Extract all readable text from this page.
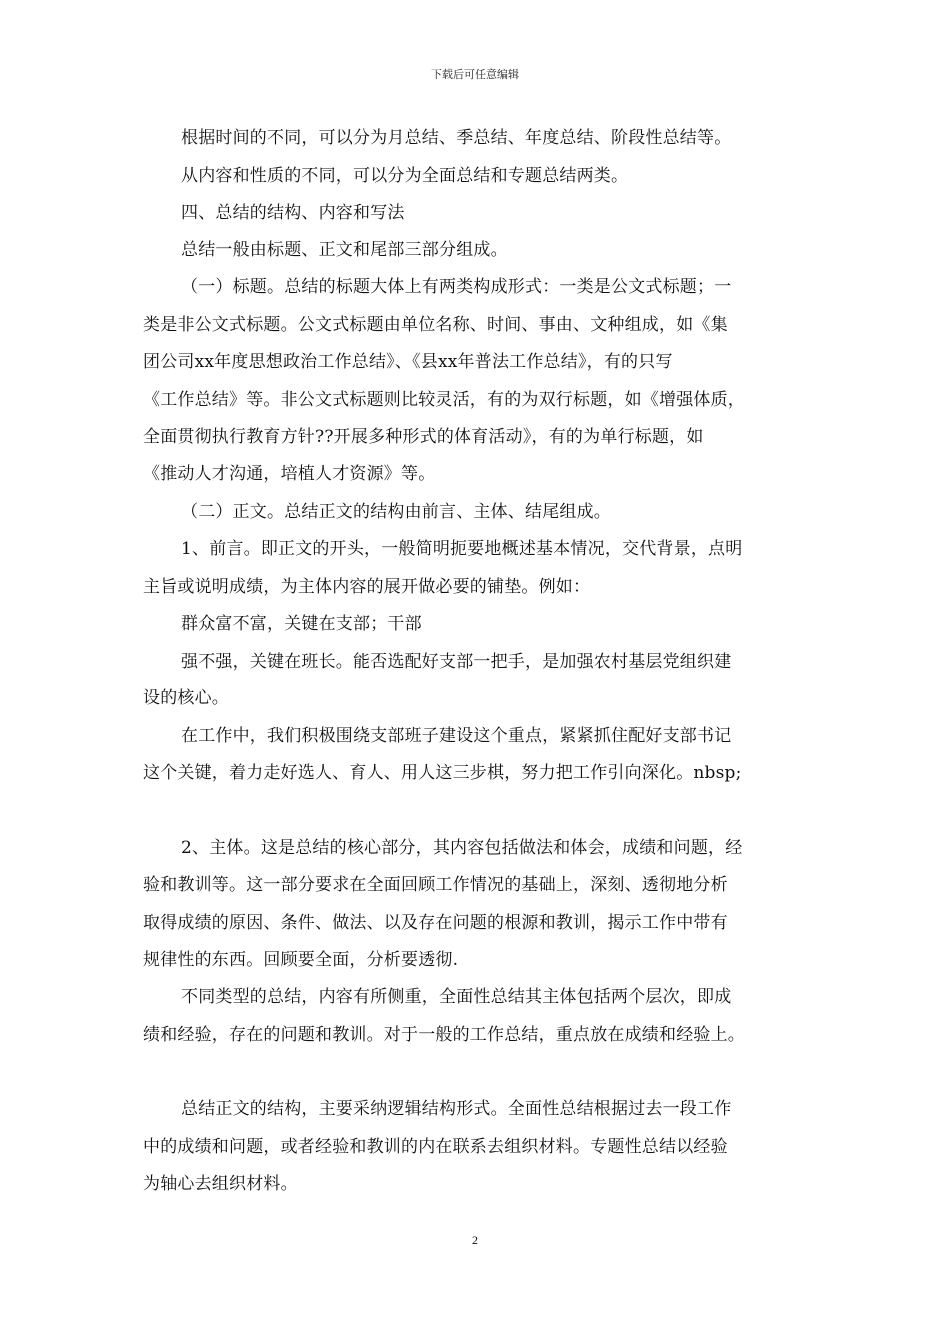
下载后可任意编辑
根据时间的不同，可以分为月总结、季总结、年度总结、阶段性总结等。
从内容和性质的不同，可以分为全面总结和专题总结两类。
四、总结的结构、内容和写法
总结一般由标题、正文和尾部三部分组成。
（一）标题。总结的标题大体上有两类构成形式：一类是公文式标题；一
类是非公文式标题。公文式标题由单位名称、时间、事由、文种组成，如《集
团公司xx年度思想政治工作总结》、《县xx年普法工作总结》，有的只写
《工作总结》等。非公文式标题则比较灵活，有的为双行标题，如《增强体质，
全面贯彻执行教育方针??开展多种形式的体育活动》，有的为单行标题，如
《推动人才沟通，培植人才资源》等。
（二）正文。总结正文的结构由前言、主体、结尾组成。
1、前言。即正文的开头，一般简明扼要地概述基本情况，交代背景，点明
主旨或说明成绩，为主体内容的展开做必要的铺垫。例如：
群众富不富，关键在支部；干部
强不强，关键在班长。能否选配好支部一把手，是加强农村基层党组织建
设的核心。
在工作中，我们积极围绕支部班子建设这个重点，紧紧抓住配好支部书记
这个关键，着力走好选人、育人、用人这三步棋，努力把工作引向深化。nbsp;
2、主体。这是总结的核心部分，其内容包括做法和体会，成绩和问题，经
验和教训等。这一部分要求在全面回顾工作情况的基础上，深刻、透彻地分析
取得成绩的原因、条件、做法、以及存在问题的根源和教训，揭示工作中带有
规律性的东西。回顾要全面，分析要透彻.
不同类型的总结，内容有所侧重，全面性总结其主体包括两个层次，即成
绩和经验，存在的问题和教训。对于一般的工作总结，重点放在成绩和经验上。
总结正文的结构，主要采纳逻辑结构形式。全面性总结根据过去一段工作
中的成绩和问题，或者经验和教训的内在联系去组织材料。专题性总结以经验
为轴心去组织材料。
2
